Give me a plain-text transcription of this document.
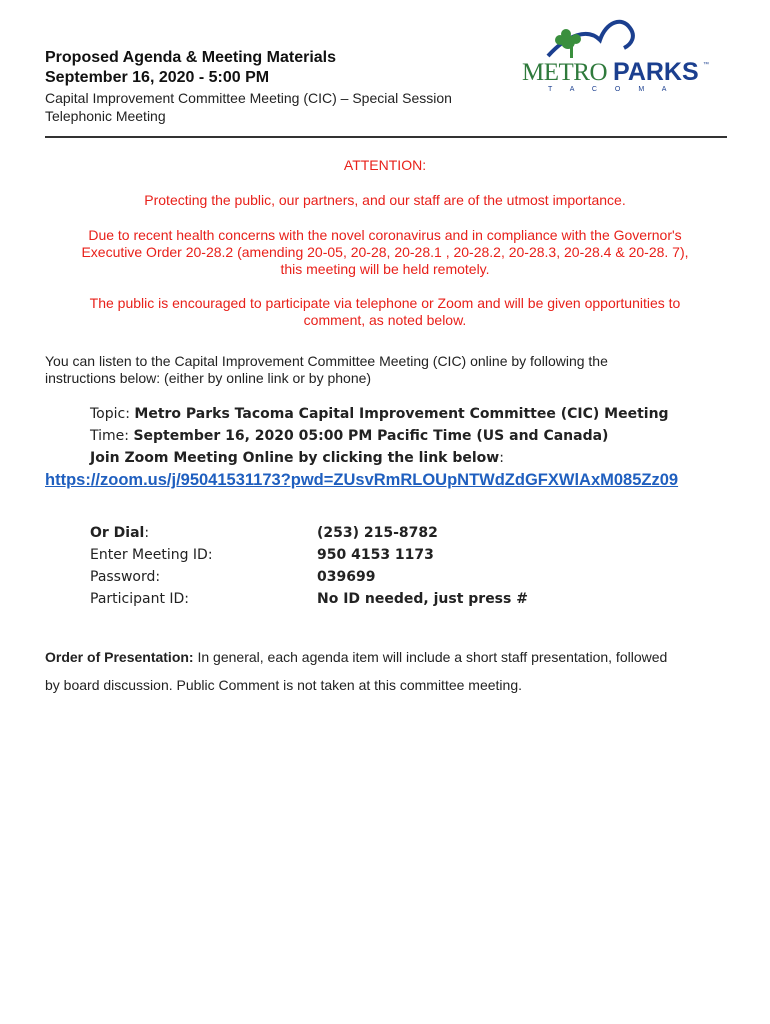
Proposed Agenda & Meeting Materials
September 16, 2020 - 5:00 PM
Capital Improvement Committee Meeting (CIC) – Special Session
Telephonic Meeting
METRO PARKS ™
T A C O M A
ATTENTION:
Protecting the public, our partners, and our staff are of the utmost importance.
Due to recent health concerns with the novel coronavirus and in compliance with the Governor's
Executive Order 20-28.2 (amending 20-05, 20-28, 20-28.1 , 20-28.2, 20-28.3, 20-28.4 & 20-28. 7),
this meeting will be held remotely.
The public is encouraged to participate via telephone or Zoom and will be given opportunities to
comment, as noted below.
You can listen to the Capital Improvement Committee Meeting (CIC) online by following the
instructions below: (either by online link or by phone)
Topic: Metro Parks Tacoma Capital Improvement Committee (CIC) Meeting
Time: September 16, 2020 05:00 PM Pacific Time (US and Canada)
Join Zoom Meeting Online by clicking the link below:
https://zoom.us/j/95041531173?pwd=ZUsvRmRLOUpNTWdZdGFXWlAxM085Zz09
Or Dial:	(253) 215-8782
Enter Meeting ID:	950 4153 1173
Password:	039699
Participant ID:	No ID needed, just press #
Order of Presentation: In general, each agenda item will include a short staff presentation, followed
by board discussion. Public Comment is not taken at this committee meeting.
